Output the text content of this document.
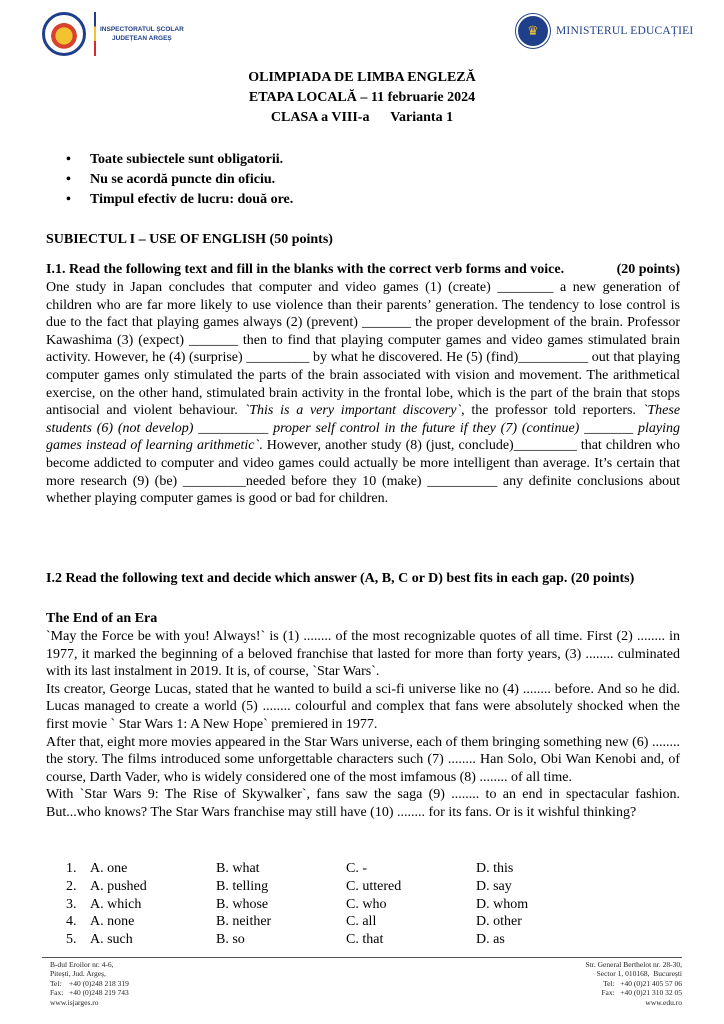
INSPECTORATUL ȘCOLAR
JUDEȚEAN ARGEȘ
♛	MINISTERUL EDUCAȚIEI
OLIMPIADA DE LIMBA ENGLEZĂ
ETAPA LOCALĂ – 11 februarie 2024
CLASA a VIII-a      Varianta 1
• Toate subiectele sunt obligatorii.
• Nu se acordă puncte din oficiu.
• Timpul efectiv de lucru: două ore.
SUBIECTUL I – USE OF ENGLISH (50 points)
I.1. Read the following text and fill in the blanks with the correct verb forms and voice.	(20 points)

One study in Japan concludes that computer and video games (1) (create) ________ a new generation of children who are far more likely to use violence than their parents’ generation. The tendency to lose control is due to the fact that playing games always (2) (prevent) _______ the proper development of the brain. Professor Kawashima (3) (expect) _______ then to find that playing computer games and video games stimulated brain activity. However, he (4) (surprise) _________ by what he discovered. He (5) (find)__________ out that playing computer games only stimulated the parts of the brain associated with vision and movement. The arithmetical exercise, on the other hand, stimulated brain activity in the frontal lobe, which is the part of the brain that stops antisocial and violent behaviour. `This is a very important discovery`, the professor told reporters. `These students (6) (not develop) __________ proper self control in the future if they (7) (continue) _______ playing games instead of learning arithmetic`. However, another study (8) (just, conclude)_________ that children who become addicted to computer and video games could actually be more intelligent than average. It’s certain that more research (9) (be) _________needed before they 10 (make) __________ any definite conclusions about whether playing computer games is good or bad for children.

I.2 Read the following text and decide which answer (A, B, C or D) best fits in each gap. (20 points)
The End of an Era

`May the Force be with you! Always!` is (1) ........ of the most recognizable quotes of all time. First (2) ........ in 1977, it marked the beginning of a beloved franchise that lasted for more than forty years, (3) ........ culminated with its last instalment in 2019. It is, of course, `Star Wars`.

Its creator, George Lucas, stated that he wanted to build a sci-fi universe like no (4) ........ before. And so he did. Lucas managed to create a world (5) ........ colourful and complex that fans were absolutely shocked when the first movie ` Star Wars 1: A New Hope` premiered in 1977.

After that, eight more movies appeared in the Star Wars universe, each of them bringing something new (6) ........ the story. The films introduced some unforgettable characters such (7) ........ Han Solo, Obi Wan Kenobi and, of course, Darth Vader, who is widely considered one of the most imfamous (8) ........ of all time.

With `Star Wars 9: The Rise of Skywalker`, fans saw the saga (9) ........ to an end in spectacular fashion. But...who knows? The Star Wars franchise may still have (10) ........ for its fans. Or is it wishful thinking?

1.	A. one	B. what	C. -	D. this
2.	A. pushed	B. telling	C. uttered	D. say
3.	A. which	B. whose	C. who	D. whom
4.	A. none	B. neither	C. all	D. other
5.	A. such	B. so	C. that	D. as
B-dul Eroilor nr. 4-6,
Pitești, Jud. Argeș,
Tel:    +40 (0)248 218 319
Fax:   +40 (0)248 219 743
www.isjarges.ro
Str. General Berthelot nr. 28-30,
Sector 1, 010168,  București
Tel:   +40 (0)21 405 57 06
Fax:   +40 (0)21 310 32 05
www.edu.ro
